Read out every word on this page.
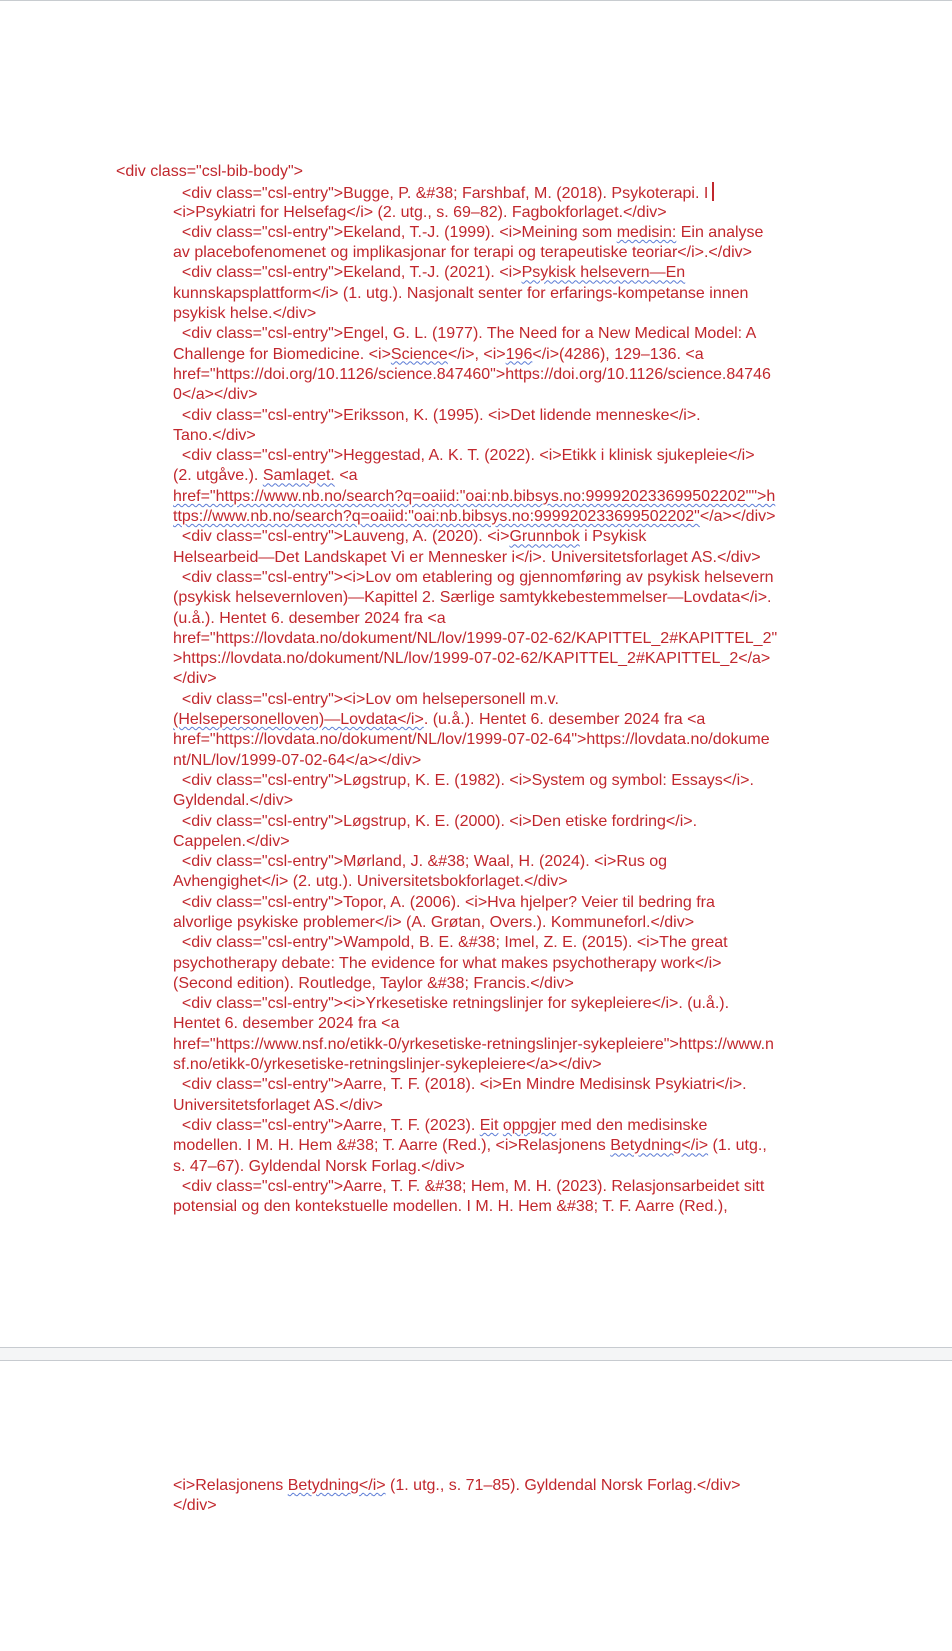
<div class="csl-bib-body">
<div class="csl-entry">Bugge, P. &#38; Farshbaf, M. (2018). Psykoterapi. I
<i>Psykiatri for Helsefag</i> (2. utg., s. 69–82). Fagbokforlaget.</div>
<div class="csl-entry">Ekeland, T.-J. (1999). <i>Meining som medisin: Ein analyse
av placebofenomenet og implikasjonar for terapi og terapeutiske teoriar</i>.</div>
<div class="csl-entry">Ekeland, T.-J. (2021). <i>Psykisk helsevern—En
kunnskapsplattform</i> (1. utg.). Nasjonalt senter for erfarings-kompetanse innen
psykisk helse.</div>
<div class="csl-entry">Engel, G. L. (1977). The Need for a New Medical Model: A
Challenge for Biomedicine. <i>Science</i>, <i>196</i>(4286), 129–136. <a
href="https://doi.org/10.1126/science.847460">https://doi.org/10.1126/science.84746
0</a></div>
<div class="csl-entry">Eriksson, K. (1995). <i>Det lidende menneske</i>.
Tano.</div>
<div class="csl-entry">Heggestad, A. K. T. (2022). <i>Etikk i klinisk sjukepleie</i>
(2. utgåve.). Samlaget. <a
href="https://www.nb.no/search?q=oaiid:"oai:nb.bibsys.no:999920233699502202"">h
ttps://www.nb.no/search?q=oaiid:"oai:nb.bibsys.no:999920233699502202"</a></div>
<div class="csl-entry">Lauveng, A. (2020). <i>Grunnbok i Psykisk
Helsearbeid—Det Landskapet Vi er Mennesker i</i>. Universitetsforlaget AS.</div>
<div class="csl-entry"><i>Lov om etablering og gjennomføring av psykisk helsevern
(psykisk helsevernloven)—Kapittel 2. Særlige samtykkebestemmelser—Lovdata</i>.
(u.å.). Hentet 6. desember 2024 fra <a
href="https://lovdata.no/dokument/NL/lov/1999-07-02-62/KAPITTEL_2#KAPITTEL_2"
>https://lovdata.no/dokument/NL/lov/1999-07-02-62/KAPITTEL_2#KAPITTEL_2</a>
</div>
<div class="csl-entry"><i>Lov om helsepersonell m.v.
(Helsepersonelloven)—Lovdata</i>. (u.å.). Hentet 6. desember 2024 fra <a
href="https://lovdata.no/dokument/NL/lov/1999-07-02-64">https://lovdata.no/dokume
nt/NL/lov/1999-07-02-64</a></div>
<div class="csl-entry">Løgstrup, K. E. (1982). <i>System og symbol: Essays</i>.
Gyldendal.</div>
<div class="csl-entry">Løgstrup, K. E. (2000). <i>Den etiske fordring</i>.
Cappelen.</div>
<div class="csl-entry">Mørland, J. &#38; Waal, H. (2024). <i>Rus og
Avhengighet</i> (2. utg.). Universitetsbokforlaget.</div>
<div class="csl-entry">Topor, A. (2006). <i>Hva hjelper? Veier til bedring fra
alvorlige psykiske problemer</i> (A. Grøtan, Overs.). Kommuneforl.</div>
<div class="csl-entry">Wampold, B. E. &#38; Imel, Z. E. (2015). <i>The great
psychotherapy debate: The evidence for what makes psychotherapy work</i>
(Second edition). Routledge, Taylor &#38; Francis.</div>
<div class="csl-entry"><i>Yrkesetiske retningslinjer for sykepleiere</i>. (u.å.).
Hentet 6. desember 2024 fra <a
href="https://www.nsf.no/etikk-0/yrkesetiske-retningslinjer-sykepleiere">https://www.n
sf.no/etikk-0/yrkesetiske-retningslinjer-sykepleiere</a></div>
<div class="csl-entry">Aarre, T. F. (2018). <i>En Mindre Medisinsk Psykiatri</i>.
Universitetsforlaget AS.</div>
<div class="csl-entry">Aarre, T. F. (2023). Eit oppgjer med den medisinske
modellen. I M. H. Hem &#38; T. Aarre (Red.), <i>Relasjonens Betydning</i> (1. utg.,
s. 47–67). Gyldendal Norsk Forlag.</div>
<div class="csl-entry">Aarre, T. F. &#38; Hem, M. H. (2023). Relasjonsarbeidet sitt
potensial og den kontekstuelle modellen. I M. H. Hem &#38; T. F. Aarre (Red.),
<i>Relasjonens Betydning</i> (1. utg., s. 71–85). Gyldendal Norsk Forlag.</div>
</div>
